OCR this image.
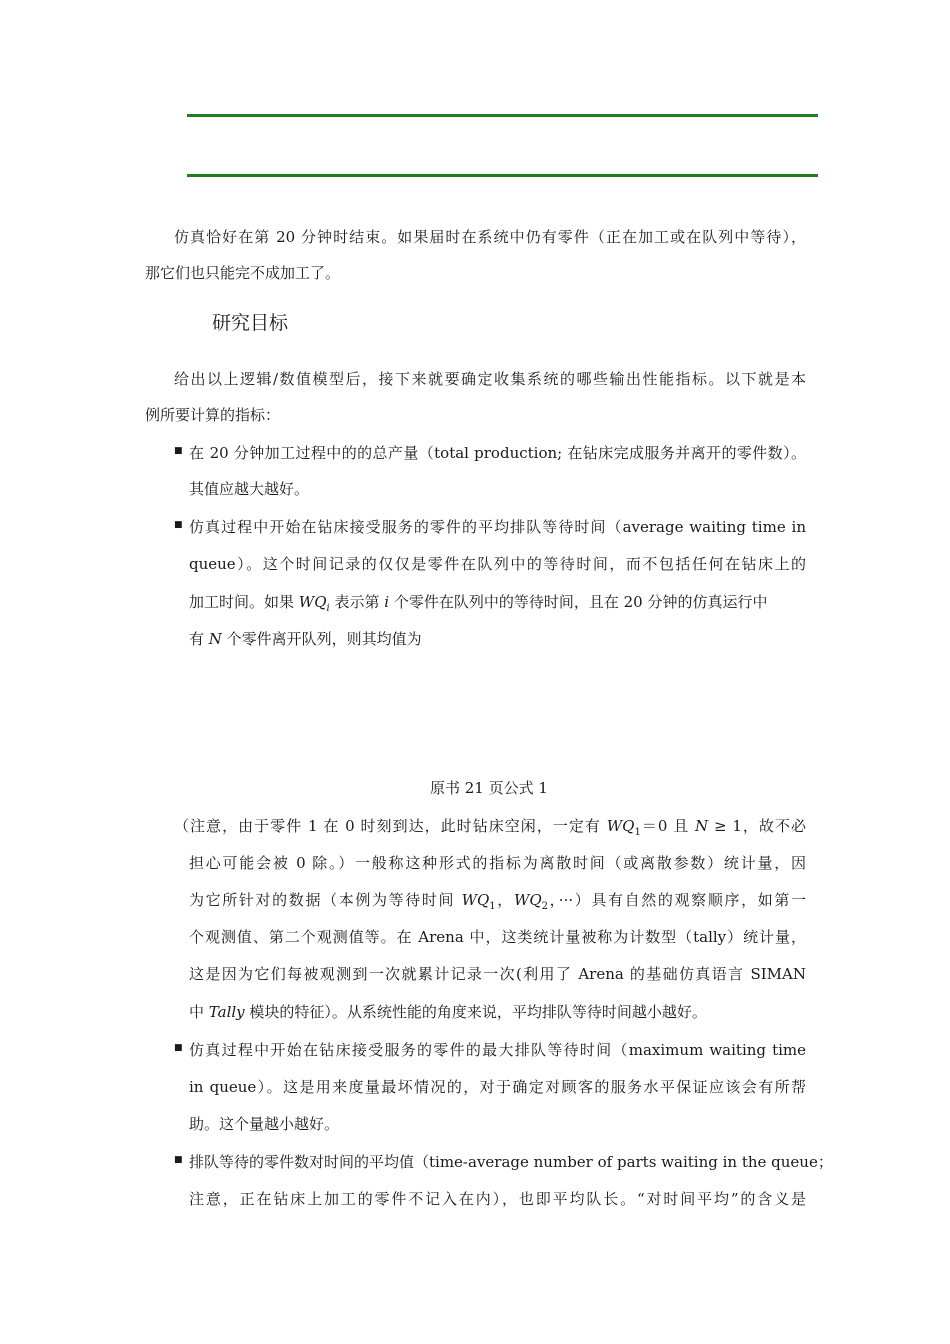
仿真恰好在第 20 分钟时结束。如果届时在系统中仍有零件（正在加工或在队列中等待），
那它们也只能完不成加工了。
研究目标
给出以上逻辑/数值模型后，接下来就要确定收集系统的哪些输出性能指标。以下就是本
例所要计算的指标：
■ 在 20 分钟加工过程中的的总产量（total production; 在钻床完成服务并离开的零件数）。
其值应越大越好。
■ 仿真过程中开始在钻床接受服务的零件的平均排队等待时间（average waiting time in
queue）。这个时间记录的仅仅是零件在队列中的等待时间，而不包括任何在钻床上的
加工时间。如果 $WQ_i$ 表示第 i 个零件在队列中的等待时间，且在 20 分钟的仿真运行中
有 N 个零件离开队列，则其均值为
原书 21 页公式 1
（注意，由于零件 1 在 0 时刻到达，此时钻床空闲，一定有 $WQ_1=0$ 且 N ≥ 1，故不必
担心可能会被 0 除。）一般称这种形式的指标为离散时间（或离散参数）统计量，因
为它所针对的数据（本例为等待时间 $WQ_1$，$WQ_2$，···）具有自然的观察顺序，如第一
个观测值、第二个观测值等。在 Arena 中，这类统计量被称为计数型（tally）统计量，
这是因为它们每被观测到一次就累计记录一次(利用了 Arena 的基础仿真语言 SIMAN
中 Tally 模块的特征）。从系统性能的角度来说，平均排队等待时间越小越好。
■ 仿真过程中开始在钻床接受服务的零件的最大排队等待时间（maximum waiting time
in queue）。这是用来度量最坏情况的，对于确定对顾客的服务水平保证应该会有所帮
助。这个量越小越好。
■ 排队等待的零件数对时间的平均值（time-average number of parts waiting in the queue；
注意，正在钻床上加工的零件不记入在内），也即平均队长。“对时间平均”的含义是
